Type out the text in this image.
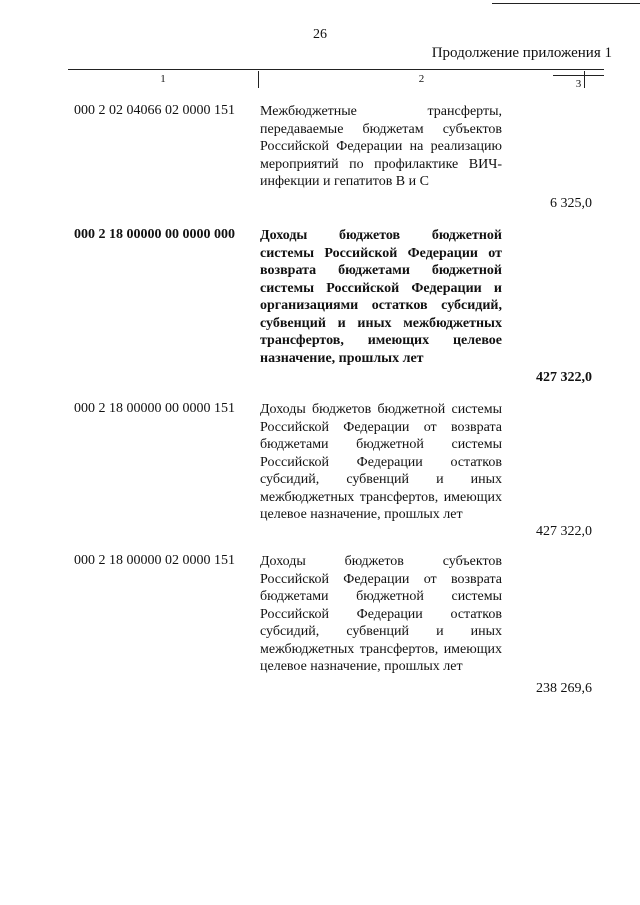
26
Продолжение приложения 1
1	2	3
000 2 02 04066 02 0000 151 Межбюджетные трансферты, передаваемые бюджетам субъектов Российской Федерации на реализацию мероприятий по профилактике ВИЧ-инфекции и гепатитов В и С
6 325,0
000 2 18 00000 00 0000 000 Доходы бюджетов бюджетной системы Российской Федерации от возврата бюджетами бюджетной системы Российской Федерации и организациями остатков субсидий, субвенций и иных межбюджетных трансфертов, имеющих целевое назначение, прошлых лет
427 322,0
000 2 18 00000 00 0000 151 Доходы бюджетов бюджетной системы Российской Федерации от возврата бюджетами бюджетной системы Российской Федерации остатков субсидий, субвенций и иных межбюджетных трансфертов, имеющих целевое назначение, прошлых лет
427 322,0
000 2 18 00000 02 0000 151 Доходы бюджетов субъектов Российской Федерации от возврата бюджетами бюджетной системы Российской Федерации остатков субсидий, субвенций и иных межбюджетных трансфертов, имеющих целевое назначение, прошлых лет
238 269,6
